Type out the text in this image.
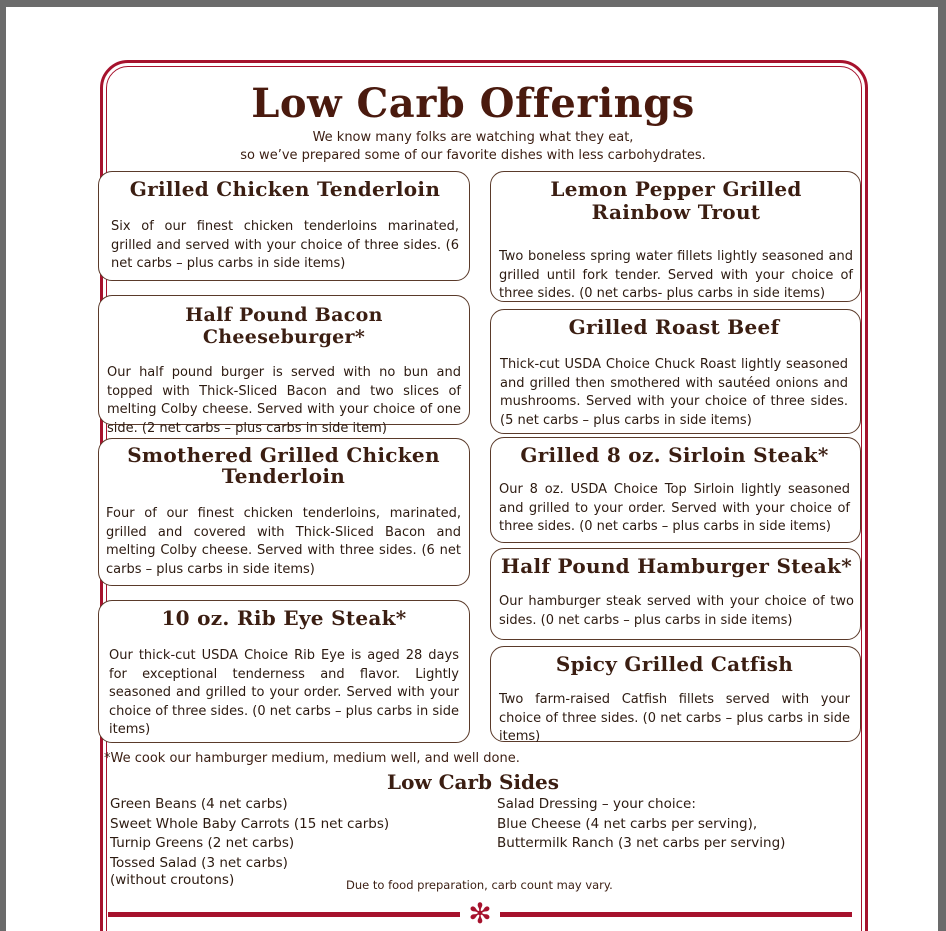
Low Carb Offerings
We know many folks are watching what they eat,
so we’ve prepared some of our favorite dishes with less carbohydrates.
Grilled Chicken Tenderloin

Six of our finest chicken tenderloins marinated, grilled and served with your choice of three sides. (6 net carbs – plus carbs in side items)

Half Pound Bacon Cheeseburger*

Our half pound burger is served with no bun and topped with Thick-Sliced Bacon and two slices of melting Colby cheese. Served with your choice of one side. (2 net carbs – plus carbs in side item)

Smothered Grilled Chicken Tenderloin

Four of our finest chicken tenderloins, marinated, grilled and covered with Thick-Sliced Bacon and melting Colby cheese. Served with three sides. (6 net carbs – plus carbs in side items)

10 oz. Rib Eye Steak*

Our thick-cut USDA Choice Rib Eye is aged 28 days for exceptional tenderness and flavor. Lightly seasoned and grilled to your order. Served with your choice of three sides. (0 net carbs – plus carbs in side items)

Lemon Pepper Grilled Rainbow Trout

Two boneless spring water fillets lightly seasoned and grilled until fork tender. Served with your choice of three sides. (0 net carbs- plus carbs in side items)

Grilled Roast Beef

Thick-cut USDA Choice Chuck Roast lightly seasoned and grilled then smothered with sautéed onions and mushrooms. Served with your choice of three sides. (5 net carbs – plus carbs in side items)

Grilled 8 oz. Sirloin Steak*

Our 8 oz. USDA Choice Top Sirloin lightly seasoned and grilled to your order. Served with your choice of three sides. (0 net carbs – plus carbs in side items)

Half Pound Hamburger Steak*

Our hamburger steak served with your choice of two sides. (0 net carbs – plus carbs in side items)

Spicy Grilled Catfish

Two farm-raised Catfish fillets served with your choice of three sides. (0 net carbs – plus carbs in side items)

*We cook our hamburger medium, medium well, and well done.
Low Carb Sides
Green Beans (4 net carbs)
Sweet Whole Baby Carrots (15 net carbs)
Turnip Greens (2 net carbs)
Tossed Salad (3 net carbs)
(without croutons)
Salad Dressing – your choice:
Blue Cheese (4 net carbs per serving),
Buttermilk Ranch (3 net carbs per serving)
Due to food preparation, carb count may vary.
✻
